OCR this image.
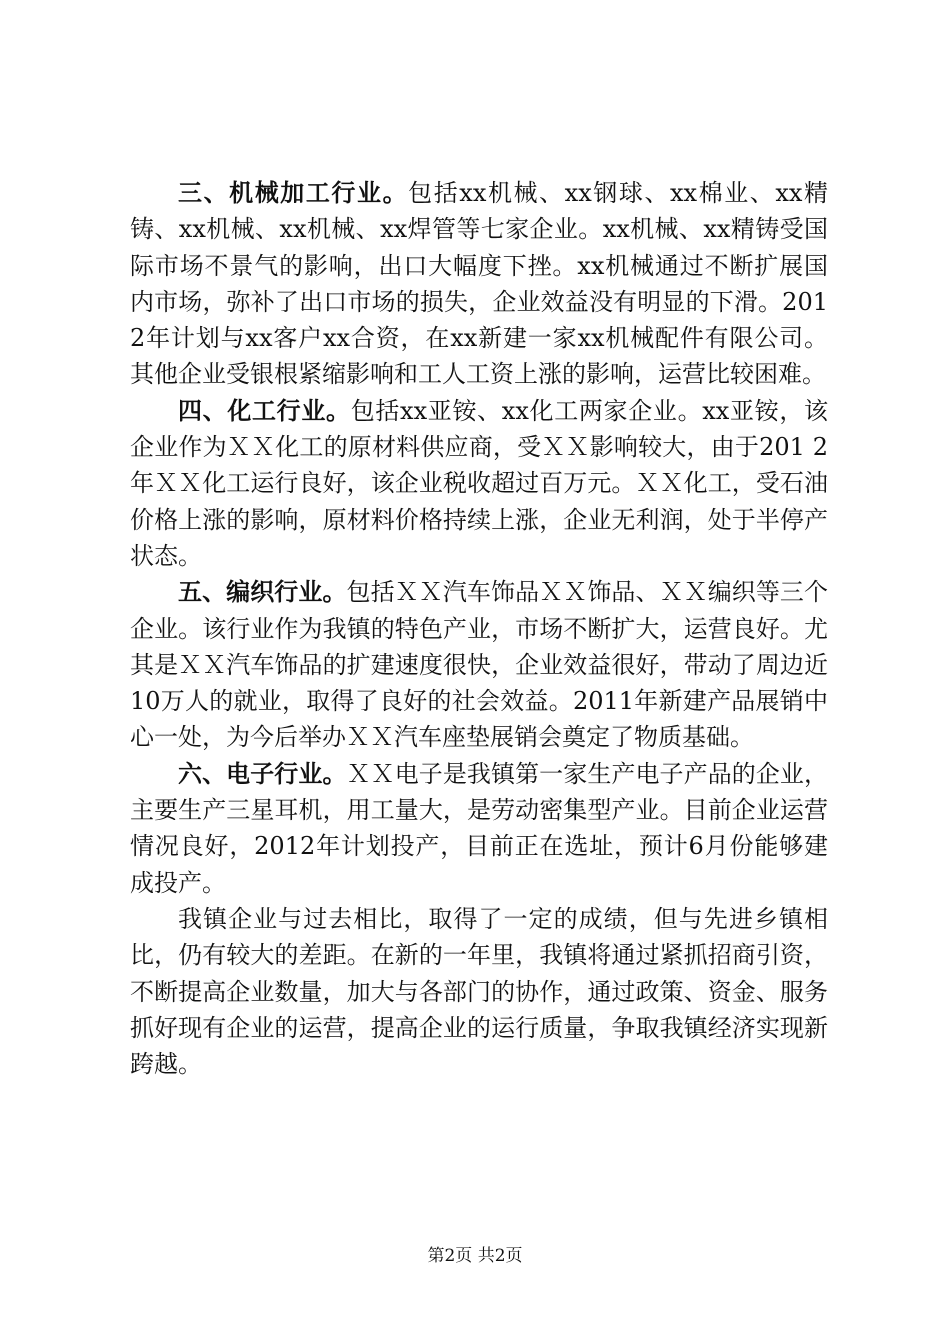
三、机械加工行业。包括xx机械、xx钢球、xx棉业、xx精铸、xx机械、xx机械、xx焊管等七家企业。xx机械、xx精铸受国际市场不景气的影响，出口大幅度下挫。xx机械通过不断扩展国内市场，弥补了出口市场的损失，企业效益没有明显的下滑。2012年计划与xx客户xx合资，在xx新建一家xx机械配件有限公司。其他企业受银根紧缩影响和工人工资上涨的影响，运营比较困难。

四、化工行业。包括xx亚铵、xx化工两家企业。xx亚铵，该企业作为ＸＸ化工的原材料供应商，受ＸＸ影响较大，由于201 2年ＸＸ化工运行良好，该企业税收超过百万元。ＸＸ化工，受石油价格上涨的影响，原材料价格持续上涨，企业无利润，处于半停产状态。

五、编织行业。包括ＸＸ汽车饰品ＸＸ饰品、ＸＸ编织等三个企业。该行业作为我镇的特色产业，市场不断扩大，运营良好。尤其是ＸＸ汽车饰品的扩建速度很快，企业效益很好，带动了周边近10万人的就业，取得了良好的社会效益。2011年新建产品展销中心一处，为今后举办ＸＸ汽车座垫展销会奠定了物质基础。

六、电子行业。ＸＸ电子是我镇第一家生产电子产品的企业，主要生产三星耳机，用工量大，是劳动密集型产业。目前企业运营情况良好，2012年计划投产，目前正在选址，预计6月份能够建成投产。

我镇企业与过去相比，取得了一定的成绩，但与先进乡镇相比，仍有较大的差距。在新的一年里，我镇将通过紧抓招商引资，不断提高企业数量，加大与各部门的协作，通过政策、资金、服务抓好现有企业的运营，提高企业的运行质量，争取我镇经济实现新跨越。

第2页 共2页
